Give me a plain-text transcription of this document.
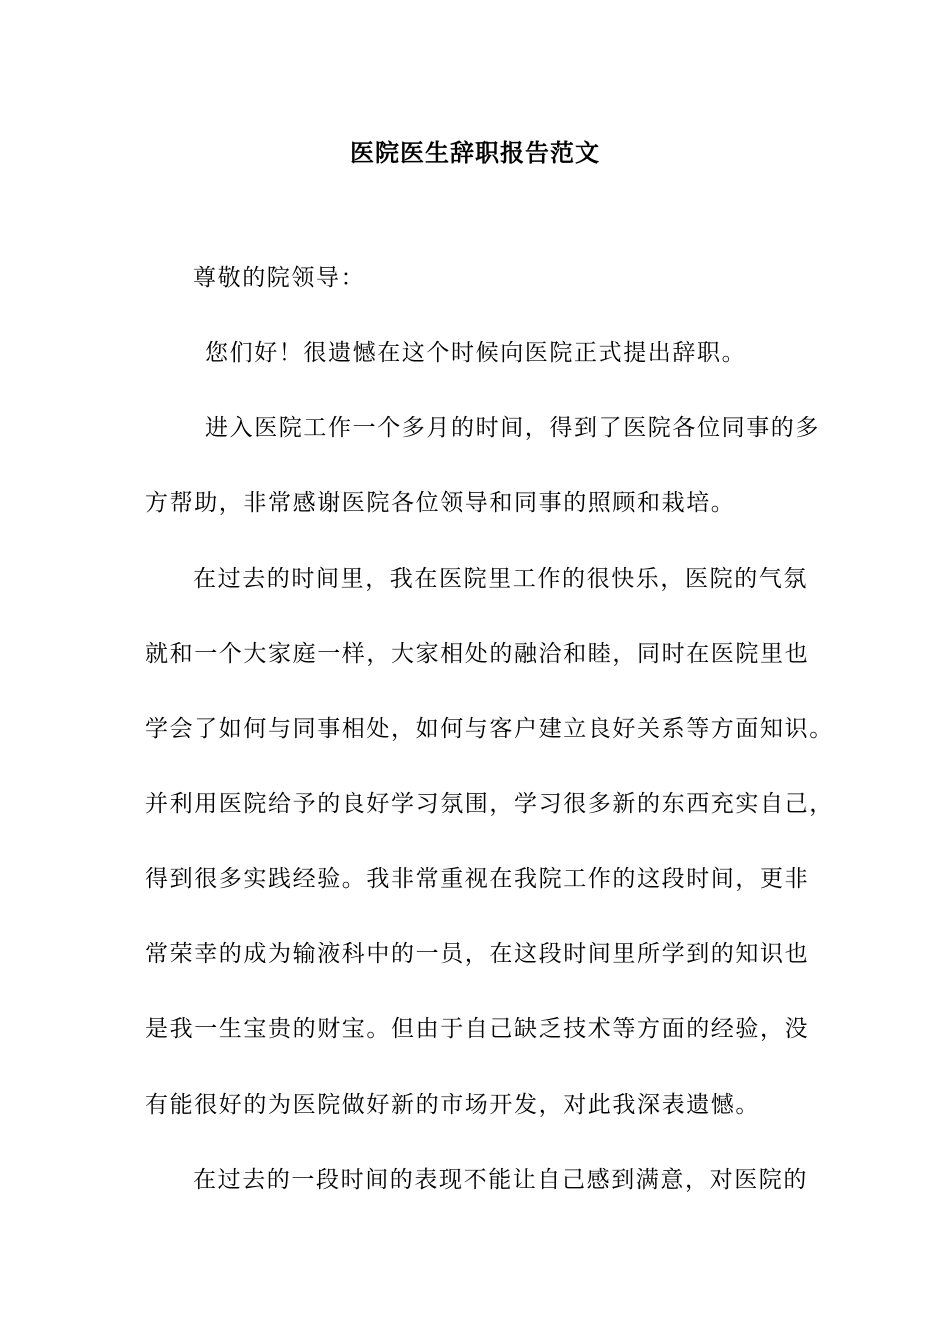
医院医生辞职报告范文
尊敬的院领导：
您们好！很遗憾在这个时候向医院正式提出辞职。
进入医院工作一个多月的时间，得到了医院各位同事的多
方帮助，非常感谢医院各位领导和同事的照顾和栽培。
在过去的时间里，我在医院里工作的很快乐，医院的气氛
就和一个大家庭一样，大家相处的融洽和睦，同时在医院里也
学会了如何与同事相处，如何与客户建立良好关系等方面知识。
并利用医院给予的良好学习氛围，学习很多新的东西充实自己，
得到很多实践经验。我非常重视在我院工作的这段时间，更非
常荣幸的成为输液科中的一员，在这段时间里所学到的知识也
是我一生宝贵的财宝。但由于自己缺乏技术等方面的经验，没
有能很好的为医院做好新的市场开发，对此我深表遗憾。
在过去的一段时间的表现不能让自己感到满意，对医院的
